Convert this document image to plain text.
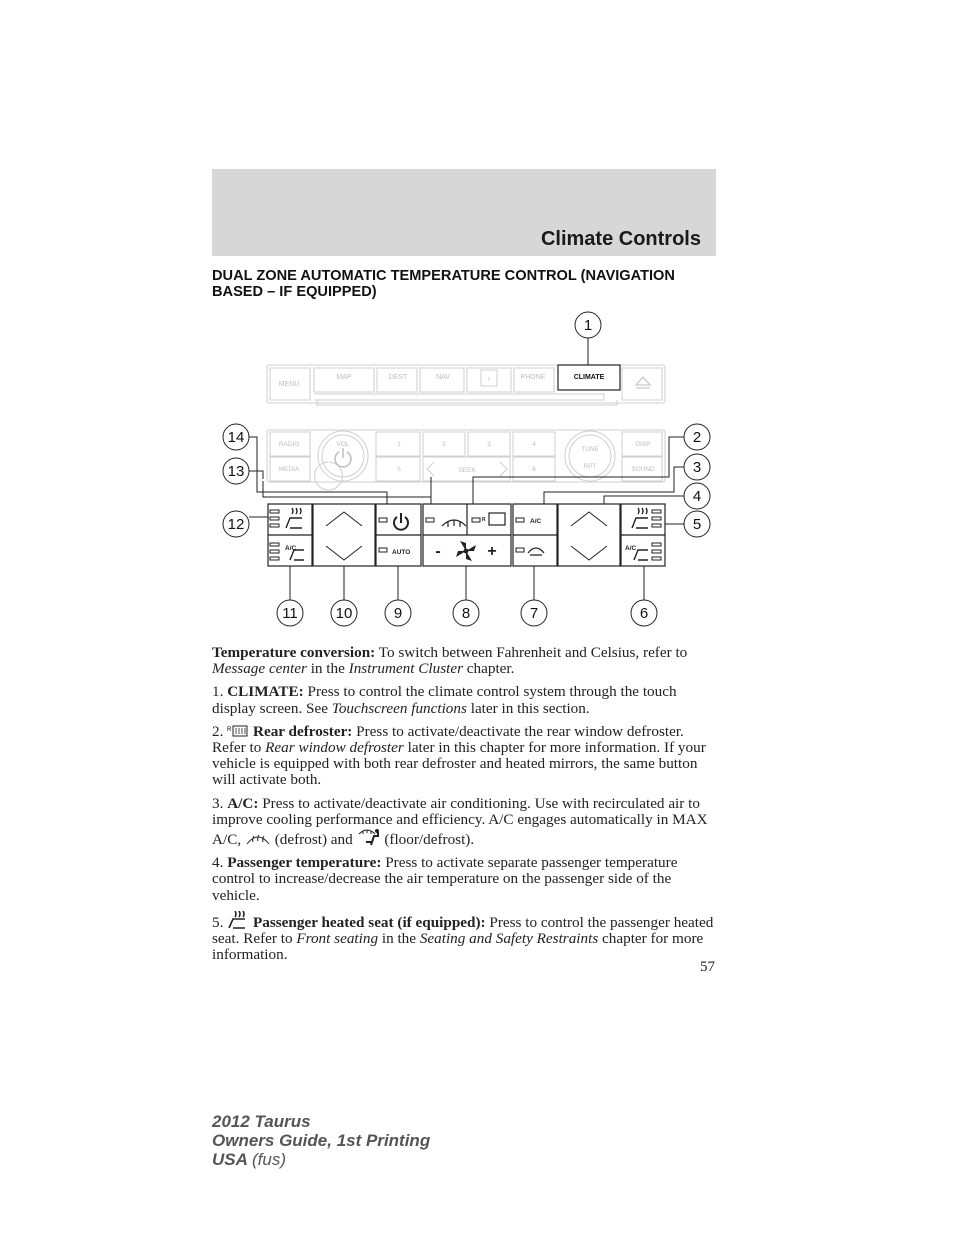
Climate Controls
DUAL ZONE AUTOMATIC TEMPERATURE CONTROL (NAVIGATION BASED – IF EQUIPPED)
MENU
MAP	DEST	NAV	i	PHONE	CLIMATE
RADIO
MEDIA
VOL	1	2	3	4
5	SEEK	6
TUNE
RPT
DISP
SOUND
A/C	A/C
AUTO
A/C
R
-	+
1
2
3
4
5
6
7
8
9
10
11
12
13
14

Temperature conversion: To switch between Fahrenheit and Celsius, refer to Message center in the Instrument Cluster chapter.

1. CLIMATE: Press to control the climate control system through the touch display screen. See Touchscreen functions later in this section.

2. R Rear defroster: Press to activate/deactivate the rear window defroster. Refer to Rear window defroster later in this chapter for more information. If your vehicle is equipped with both rear defroster and heated mirrors, the same button will activate both.

3. A/C: Press to activate/deactivate air conditioning. Use with recirculated air to improve cooling performance and efficiency. A/C engages automatically in MAX A/C,  (defrost) and  (floor/defrost).

4. Passenger temperature: Press to activate separate passenger temperature control to increase/decrease the air temperature on the passenger side of the vehicle.

5.  Passenger heated seat (if equipped): Press to control the passenger heated seat. Refer to Front seating in the Seating and Safety Restraints chapter for more information.

57
2012 Taurus
Owners Guide, 1st Printing
USA (fus)
